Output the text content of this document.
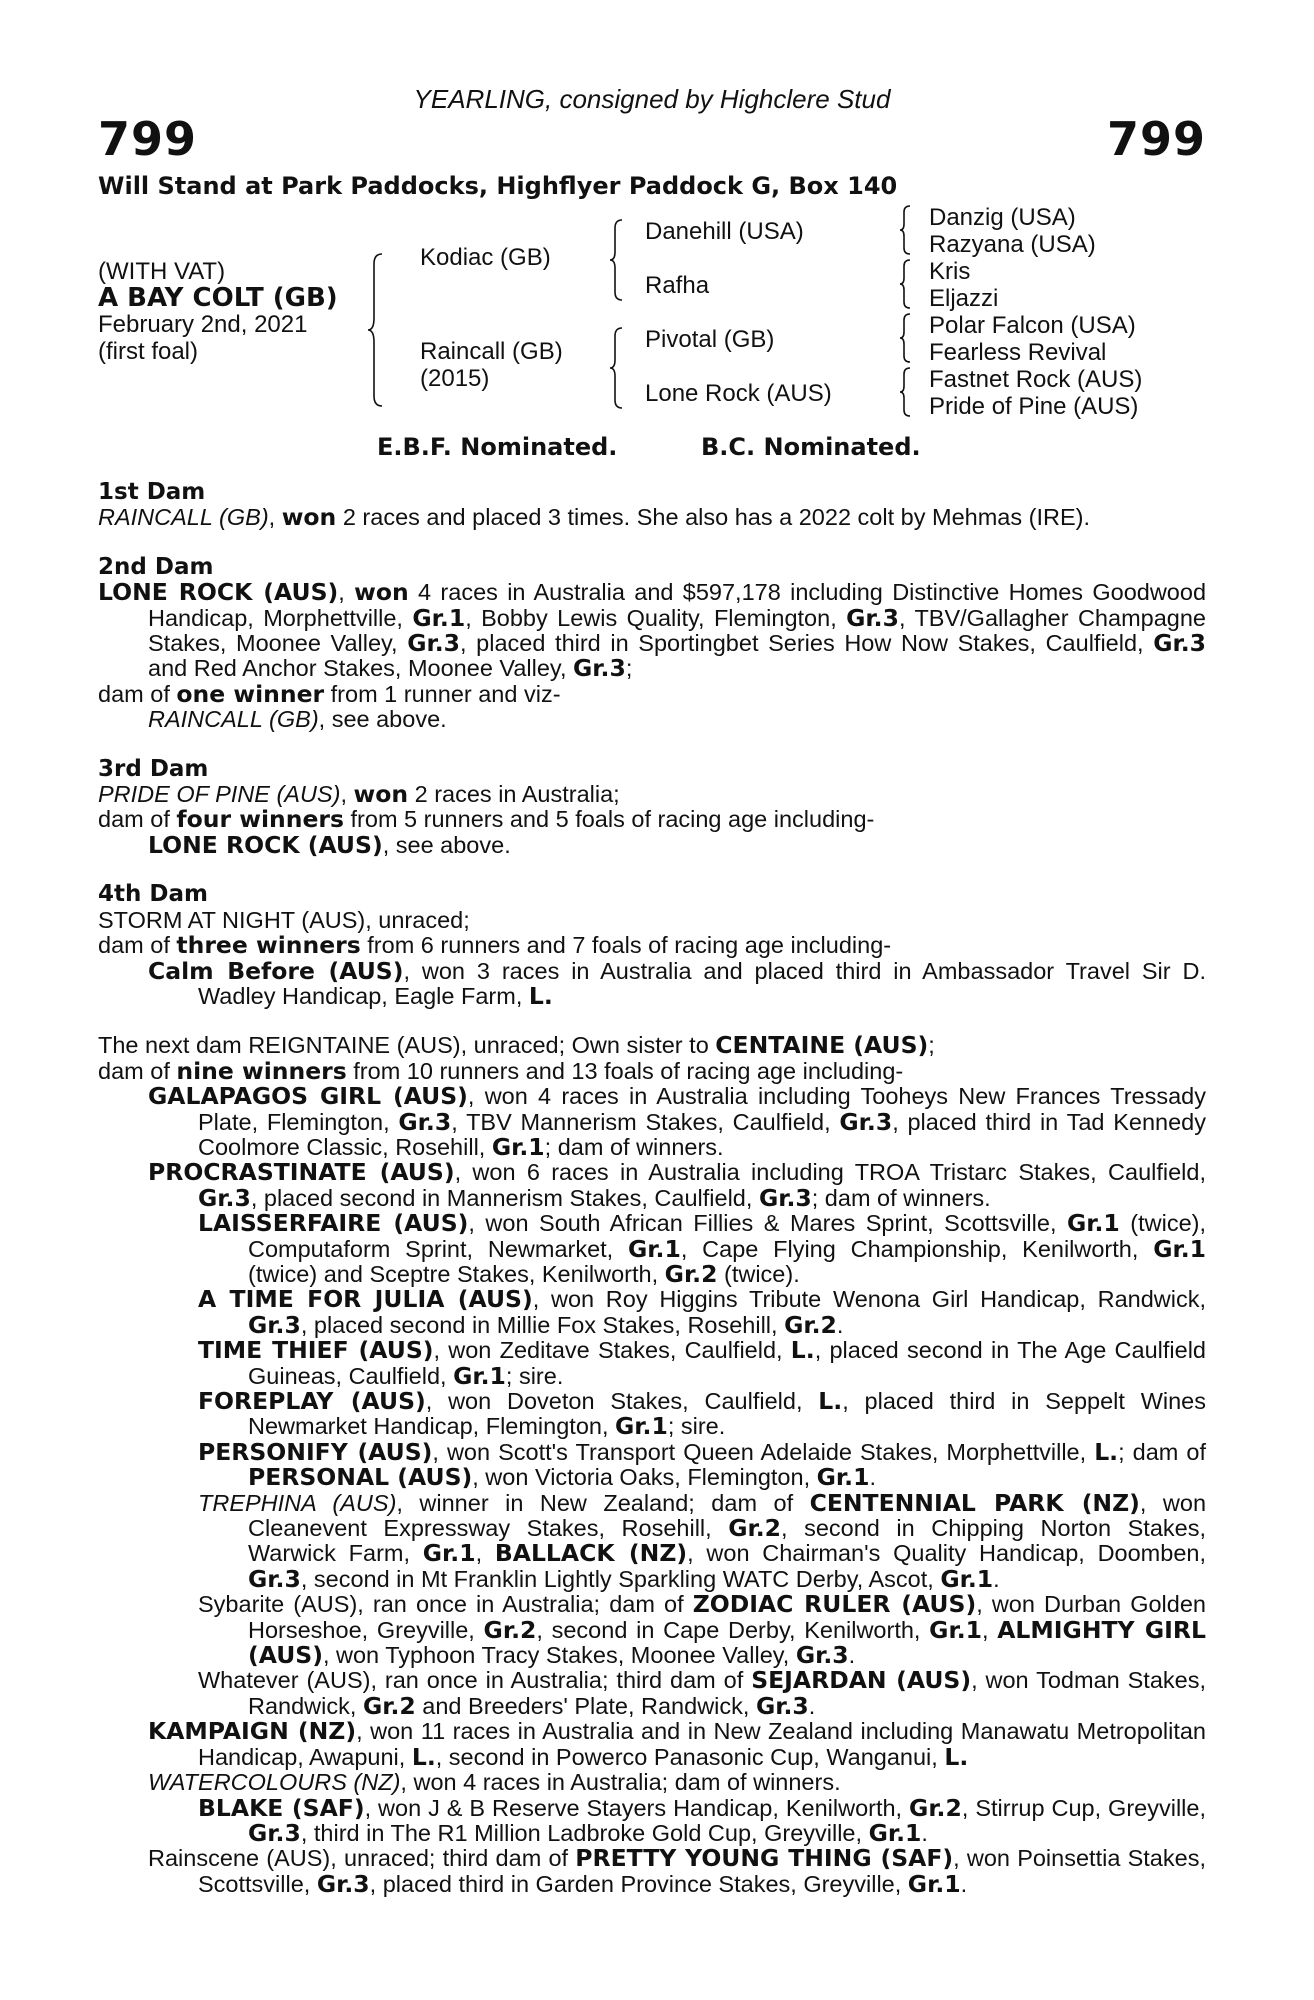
YEARLING, consigned by Highclere Stud
799	799
Will Stand at Park Paddocks, Highflyer Paddock G, Box 140
(WITH VAT)
A BAY COLT (GB)
February 2nd, 2021
(first foal)
Kodiac (GB)
Raincall (GB)
(2015)
Danehill (USA)
Rafha
Pivotal (GB)
Lone Rock (AUS)
Danzig (USA)
Razyana (USA)
Kris
Eljazzi
Polar Falcon (USA)
Fearless Revival
Fastnet Rock (AUS)
Pride of Pine (AUS)
E.B.F. Nominated.	B.C. Nominated.
1st Dam

RAINCALL (GB), won 2 races and placed 3 times. She also has a 2022 colt by Mehmas (IRE).

2nd Dam

LONE ROCK (AUS), won 4 races in Australia and $597,178 including Distinctive Homes Goodwood Handicap, Morphettville, Gr.1, Bobby Lewis Quality, Flemington, Gr.3, TBV/Gallagher Champagne Stakes, Moonee Valley, Gr.3, placed third in Sportingbet Series How Now Stakes, Caulfield, Gr.3 and Red Anchor Stakes, Moonee Valley, Gr.3;

dam of one winner from 1 runner and viz-

RAINCALL (GB), see above.

3rd Dam

PRIDE OF PINE (AUS), won 2 races in Australia;

dam of four winners from 5 runners and 5 foals of racing age including-

LONE ROCK (AUS), see above.

4th Dam

STORM AT NIGHT (AUS), unraced;

dam of three winners from 6 runners and 7 foals of racing age including-

Calm Before (AUS), won 3 races in Australia and placed third in Ambassador Travel Sir D. Wadley Handicap, Eagle Farm, L.

The next dam REIGNTAINE (AUS), unraced; Own sister to CENTAINE (AUS);

dam of nine winners from 10 runners and 13 foals of racing age including-

GALAPAGOS GIRL (AUS), won 4 races in Australia including Tooheys New Frances Tressady Plate, Flemington, Gr.3, TBV Mannerism Stakes, Caulfield, Gr.3, placed third in Tad Kennedy Coolmore Classic, Rosehill, Gr.1; dam of winners.

PROCRASTINATE (AUS), won 6 races in Australia including TROA Tristarc Stakes, Caulfield, Gr.3, placed second in Mannerism Stakes, Caulfield, Gr.3; dam of winners.

LAISSERFAIRE (AUS), won South African Fillies & Mares Sprint, Scottsville, Gr.1 (twice), Computaform Sprint, Newmarket, Gr.1, Cape Flying Championship, Kenilworth, Gr.1 (twice) and Sceptre Stakes, Kenilworth, Gr.2 (twice).

A TIME FOR JULIA (AUS), won Roy Higgins Tribute Wenona Girl Handicap, Randwick, Gr.3, placed second in Millie Fox Stakes, Rosehill, Gr.2.

TIME THIEF (AUS), won Zeditave Stakes, Caulfield, L., placed second in The Age Caulfield Guineas, Caulfield, Gr.1; sire.

FOREPLAY (AUS), won Doveton Stakes, Caulfield, L., placed third in Seppelt Wines Newmarket Handicap, Flemington, Gr.1; sire.

PERSONIFY (AUS), won Scott's Transport Queen Adelaide Stakes, Morphettville, L.; dam of PERSONAL (AUS), won Victoria Oaks, Flemington, Gr.1.

TREPHINA (AUS), winner in New Zealand; dam of CENTENNIAL PARK (NZ), won Cleanevent Expressway Stakes, Rosehill, Gr.2, second in Chipping Norton Stakes, Warwick Farm, Gr.1, BALLACK (NZ), won Chairman's Quality Handicap, Doomben, Gr.3, second in Mt Franklin Lightly Sparkling WATC Derby, Ascot, Gr.1.

Sybarite (AUS), ran once in Australia; dam of ZODIAC RULER (AUS), won Durban Golden Horseshoe, Greyville, Gr.2, second in Cape Derby, Kenilworth, Gr.1, ALMIGHTY GIRL (AUS), won Typhoon Tracy Stakes, Moonee Valley, Gr.3.

Whatever (AUS), ran once in Australia; third dam of SEJARDAN (AUS), won Todman Stakes, Randwick, Gr.2 and Breeders' Plate, Randwick, Gr.3.

KAMPAIGN (NZ), won 11 races in Australia and in New Zealand including Manawatu Metropolitan Handicap, Awapuni, L., second in Powerco Panasonic Cup, Wanganui, L.

WATERCOLOURS (NZ), won 4 races in Australia; dam of winners.

BLAKE (SAF), won J & B Reserve Stayers Handicap, Kenilworth, Gr.2, Stirrup Cup, Greyville, Gr.3, third in The R1 Million Ladbroke Gold Cup, Greyville, Gr.1.

Rainscene (AUS), unraced; third dam of PRETTY YOUNG THING (SAF), won Poinsettia Stakes, Scottsville, Gr.3, placed third in Garden Province Stakes, Greyville, Gr.1.
